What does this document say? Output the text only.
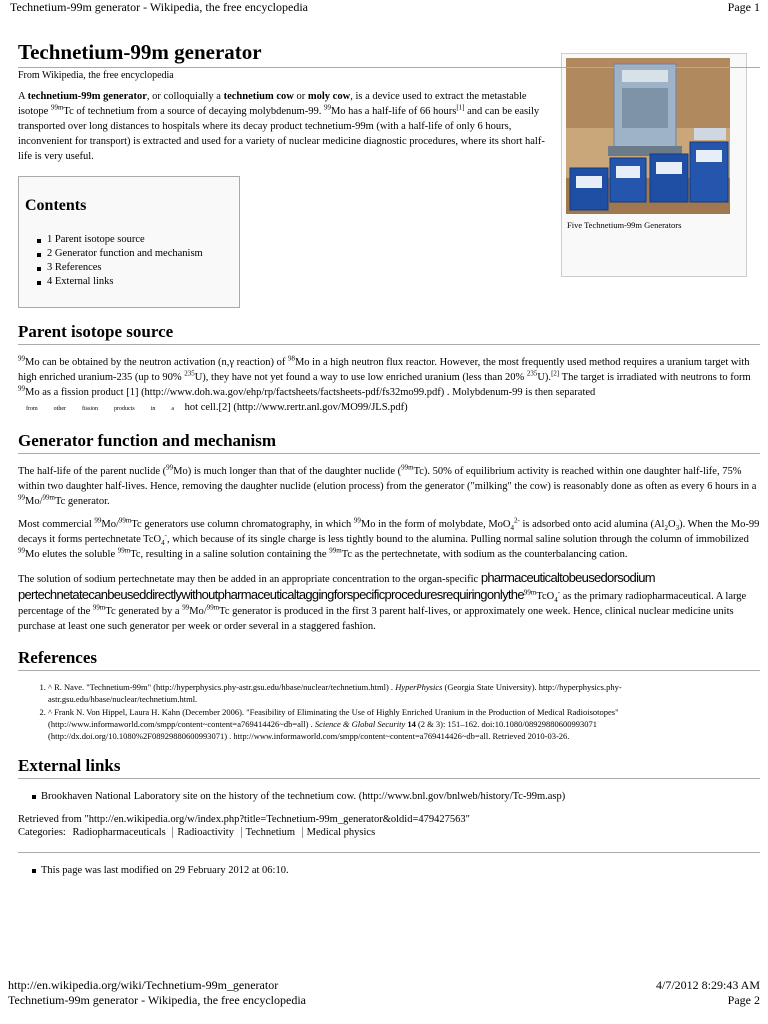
Technetium-99m generator - Wikipedia, the free encyclopedia	Page 1
Five Technetium-99m Generators
Technetium-99m generator
From Wikipedia, the free encyclopedia

A technetium-99m generator, or colloquially a technetium cow or moly cow, is a device used to extract the metastable isotope $^{99m}$Tc of technetium from a source of decaying molybdenum-99. $^{99}$Mo has a half-life of 66 hours[1] and can be easily transported over long distances to hospitals where its decay product technetium-99m (with a half-life of only 6 hours, inconvenient for transport) is extracted and used for a variety of nuclear medicine diagnostic procedures, where its short half-life is very useful.

Contents
1 Parent isotope source
2 Generator function and mechanism
3 References
4 External links
Parent isotope source

$^{99}$Mo can be obtained by the neutron activation (n,γ reaction) of $^{98}$Mo in a high neutron flux reactor. However, the most frequently used method requires a uranium target with high enriched uranium-235 (up to 90% $^{235}$U), they have not yet found a way to use low enriched uranium (less than 20% $^{235}$U).[2] The target is irradiated with neutrons to form $^{99}$Mo as a fission product [1] (http://www.doh.wa.gov/ehp/rp/factsheets/factsheets-pdf/fs32mo99.pdf) . Molybdenum-99 is then separated from	other	fission	products	in	a hot cell.[2] (http://www.rertr.anl.gov/MO99/JLS.pdf)

Generator function and mechanism

The half-life of the parent nuclide ($^{99}$Mo) is much longer than that of the daughter nuclide ($^{99m}$Tc). 50% of equilibrium activity is reached within one daughter half-life, 75% within two daughter half-lives. Hence, removing the daughter nuclide (elution process) from the generator ("milking" the cow) is reasonably done as often as every 6 hours in a $^{99}$Mo/$^{99m}$Tc generator.

Most commercial $^{99}$Mo/$^{99m}$Tc generators use column chromatography, in which $^{99}$Mo in the form of molybdate, MoO$_4^{2-}$ is adsorbed onto acid alumina $(Al_2O_3)$. When the Mo-99 decays it forms pertechnetate TcO$_4$-, which because of its single charge is less tightly bound to the alumina. Pulling normal saline solution through the column of immobilized $^{99}$Mo elutes the soluble $^{99m}$Tc, resulting in a saline solution containing the $^{99m}$Tc as the pertechnetate, with sodium as the counterbalancing cation.

The solution of sodium pertechnetate may then be added in an appropriate concentration to the organ-specific pharmaceuticaltobeusedorsodium pertechnetatecanbeuseddirectlywithoutpharmaceuticaltaggingforspecificproceduresrequiringonlythe$^{99m}$TcO$_4$- as the primary radiopharmaceutical. A large percentage of the $^{99m}$Tc generated by a $^{99}$Mo/$^{99m}$Tc generator is produced in the first 3 parent half-lives, or approximately one week. Hence, clinical nuclear medicine units purchase at least one such generator per week or order several in a staggered fashion.

References
1. ^ R. Nave. "Technetium-99m" (http://hyperphysics.phy-astr.gsu.edu/hbase/nuclear/technetium.html) . HyperPhysics (Georgia State University). http://hyperphysics.phy-astr.gsu.edu/hbase/nuclear/technetium.html.
2. ^ Frank N. Von Hippel, Laura H. Kahn (December 2006). "Feasibility of Eliminating the Use of Highly Enriched Uranium in the Production of Medical Radioisotopes" (http://www.informaworld.com/smpp/content~content=a769414426~db=all) . Science & Global Security 14 (2 & 3): 151–162. doi:10.1080/08929880600993071 (http://dx.doi.org/10.1080%2F08929880600993071) . http://www.informaworld.com/smpp/content~content=a769414426~db=all. Retrieved 2010-03-26.
External links
Brookhaven National Laboratory site on the history of the technetium cow. (http://www.bnl.gov/bnlweb/history/Tc-99m.asp)
Retrieved from "http://en.wikipedia.org/w/index.php?title=Technetium-99m_generator&oldid=479427563"
Categories: Radiopharmaceuticals Radioactivity Technetium Medical physics
This page was last modified on 29 February 2012 at 06:10.
http://en.wikipedia.org/wiki/Technetium-99m_generator
Technetium-99m generator - Wikipedia, the free encyclopedia
4/7/2012 8:29:43 AM
Page 2
